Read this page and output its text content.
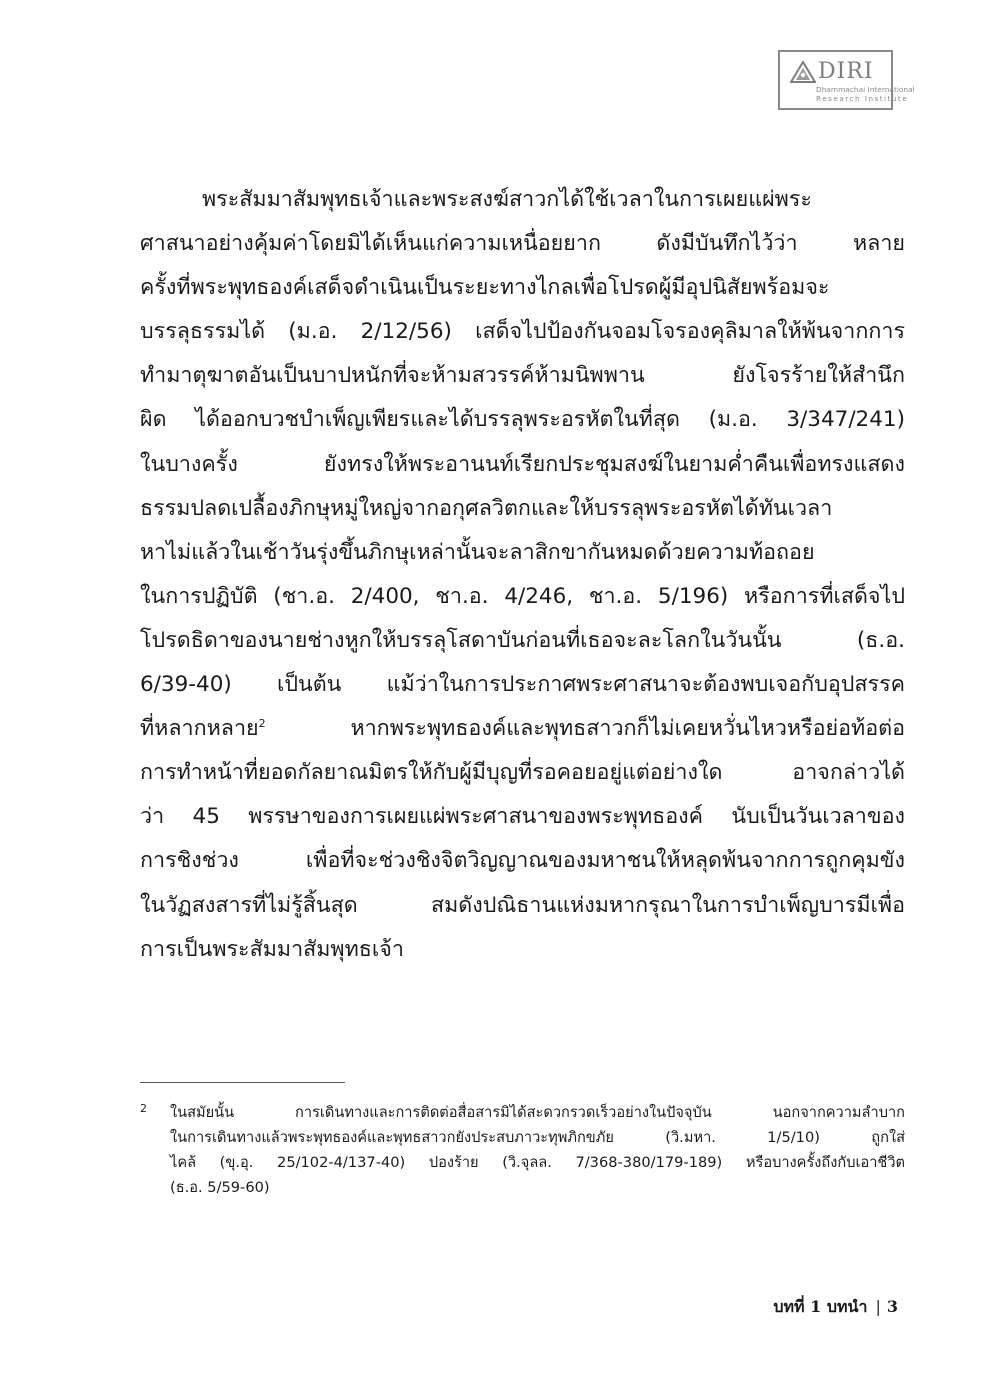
DIRI
Dhammachai International
Research Institute
พระสัมมาสัมพุทธเจ้าและพระสงฆ์สาวกได้ใช้เวลาในการเผยแผ่พระ
ศาสนาอย่างคุ้มค่าโดยมิได้เห็นแก่ความเหนื่อยยาก ดังมีบันทึกไว้ว่า หลาย
ครั้งที่พระพุทธองค์เสด็จดำเนินเป็นระยะทางไกลเพื่อโปรดผู้มีอุปนิสัยพร้อมจะ
บรรลุธรรมได้ (ม.อ. 2/12/56) เสด็จไปป้องกันจอมโจรองคุลิมาลให้พ้นจากการ
ทำมาตุฆาตอันเป็นบาปหนักที่จะห้ามสวรรค์ห้ามนิพพาน ยังโจรร้ายให้สำนึก
ผิด ได้ออกบวชบำเพ็ญเพียรและได้บรรลุพระอรหัตในที่สุด (ม.อ. 3/347/241)
ในบางครั้ง ยังทรงให้พระอานนท์เรียกประชุมสงฆ์ในยามค่ำคืนเพื่อทรงแสดง
ธรรมปลดเปลื้องภิกษุหมู่ใหญ่จากอกุศลวิตกและให้บรรลุพระอรหัตได้ทันเวลา
หาไม่แล้วในเช้าวันรุ่งขึ้นภิกษุเหล่านั้นจะลาสิกขากันหมดด้วยความท้อถอย
ในการปฏิบัติ (ชา.อ. 2/400, ชา.อ. 4/246, ชา.อ. 5/196) หรือการที่เสด็จไป
โปรดธิดาของนายช่างหูกให้บรรลุโสดาบันก่อนที่เธอจะละโลกในวันนั้น (ธ.อ.
6/39-40) เป็นต้น แม้ว่าในการประกาศพระศาสนาจะต้องพบเจอกับอุปสรรค
ที่หลากหลาย$^2$	หากพระพุทธองค์และพุทธสาวกก็ไม่เคยหวั่นไหวหรือย่อท้อต่อ
การทำหน้าที่ยอดกัลยาณมิตรให้กับผู้มีบุญที่รอคอยอยู่แต่อย่างใด อาจกล่าวได้
ว่า 45 พรรษาของการเผยแผ่พระศาสนาของพระพุทธองค์ นับเป็นวันเวลาของ
การชิงช่วง เพื่อที่จะช่วงชิงจิตวิญญาณของมหาชนให้หลุดพ้นจากการถูกคุมขัง
ในวัฏสงสารที่ไม่รู้สิ้นสุด สมดังปณิธานแห่งมหากรุณาในการบำเพ็ญบารมีเพื่อ
การเป็นพระสัมมาสัมพุทธเจ้า
2 ในสมัยนั้น การเดินทางและการติดต่อสื่อสารมิได้สะดวกรวดเร็วอย่างในปัจจุบัน นอกจากความลำบาก
ในการเดินทางแล้วพระพุทธองค์และพุทธสาวกยังประสบภาวะทุพภิกขภัย (วิ.มหา. 1/5/10) ถูกใส่
ไคล้ (ขุ.อุ. 25/102-4/137-40) ปองร้าย (วิ.จุลล. 7/368-380/179-189) หรือบางครั้งถึงกับเอาชีวิต
(ธ.อ. 5/59-60)
บทที่ 1 บทนำ | 3
